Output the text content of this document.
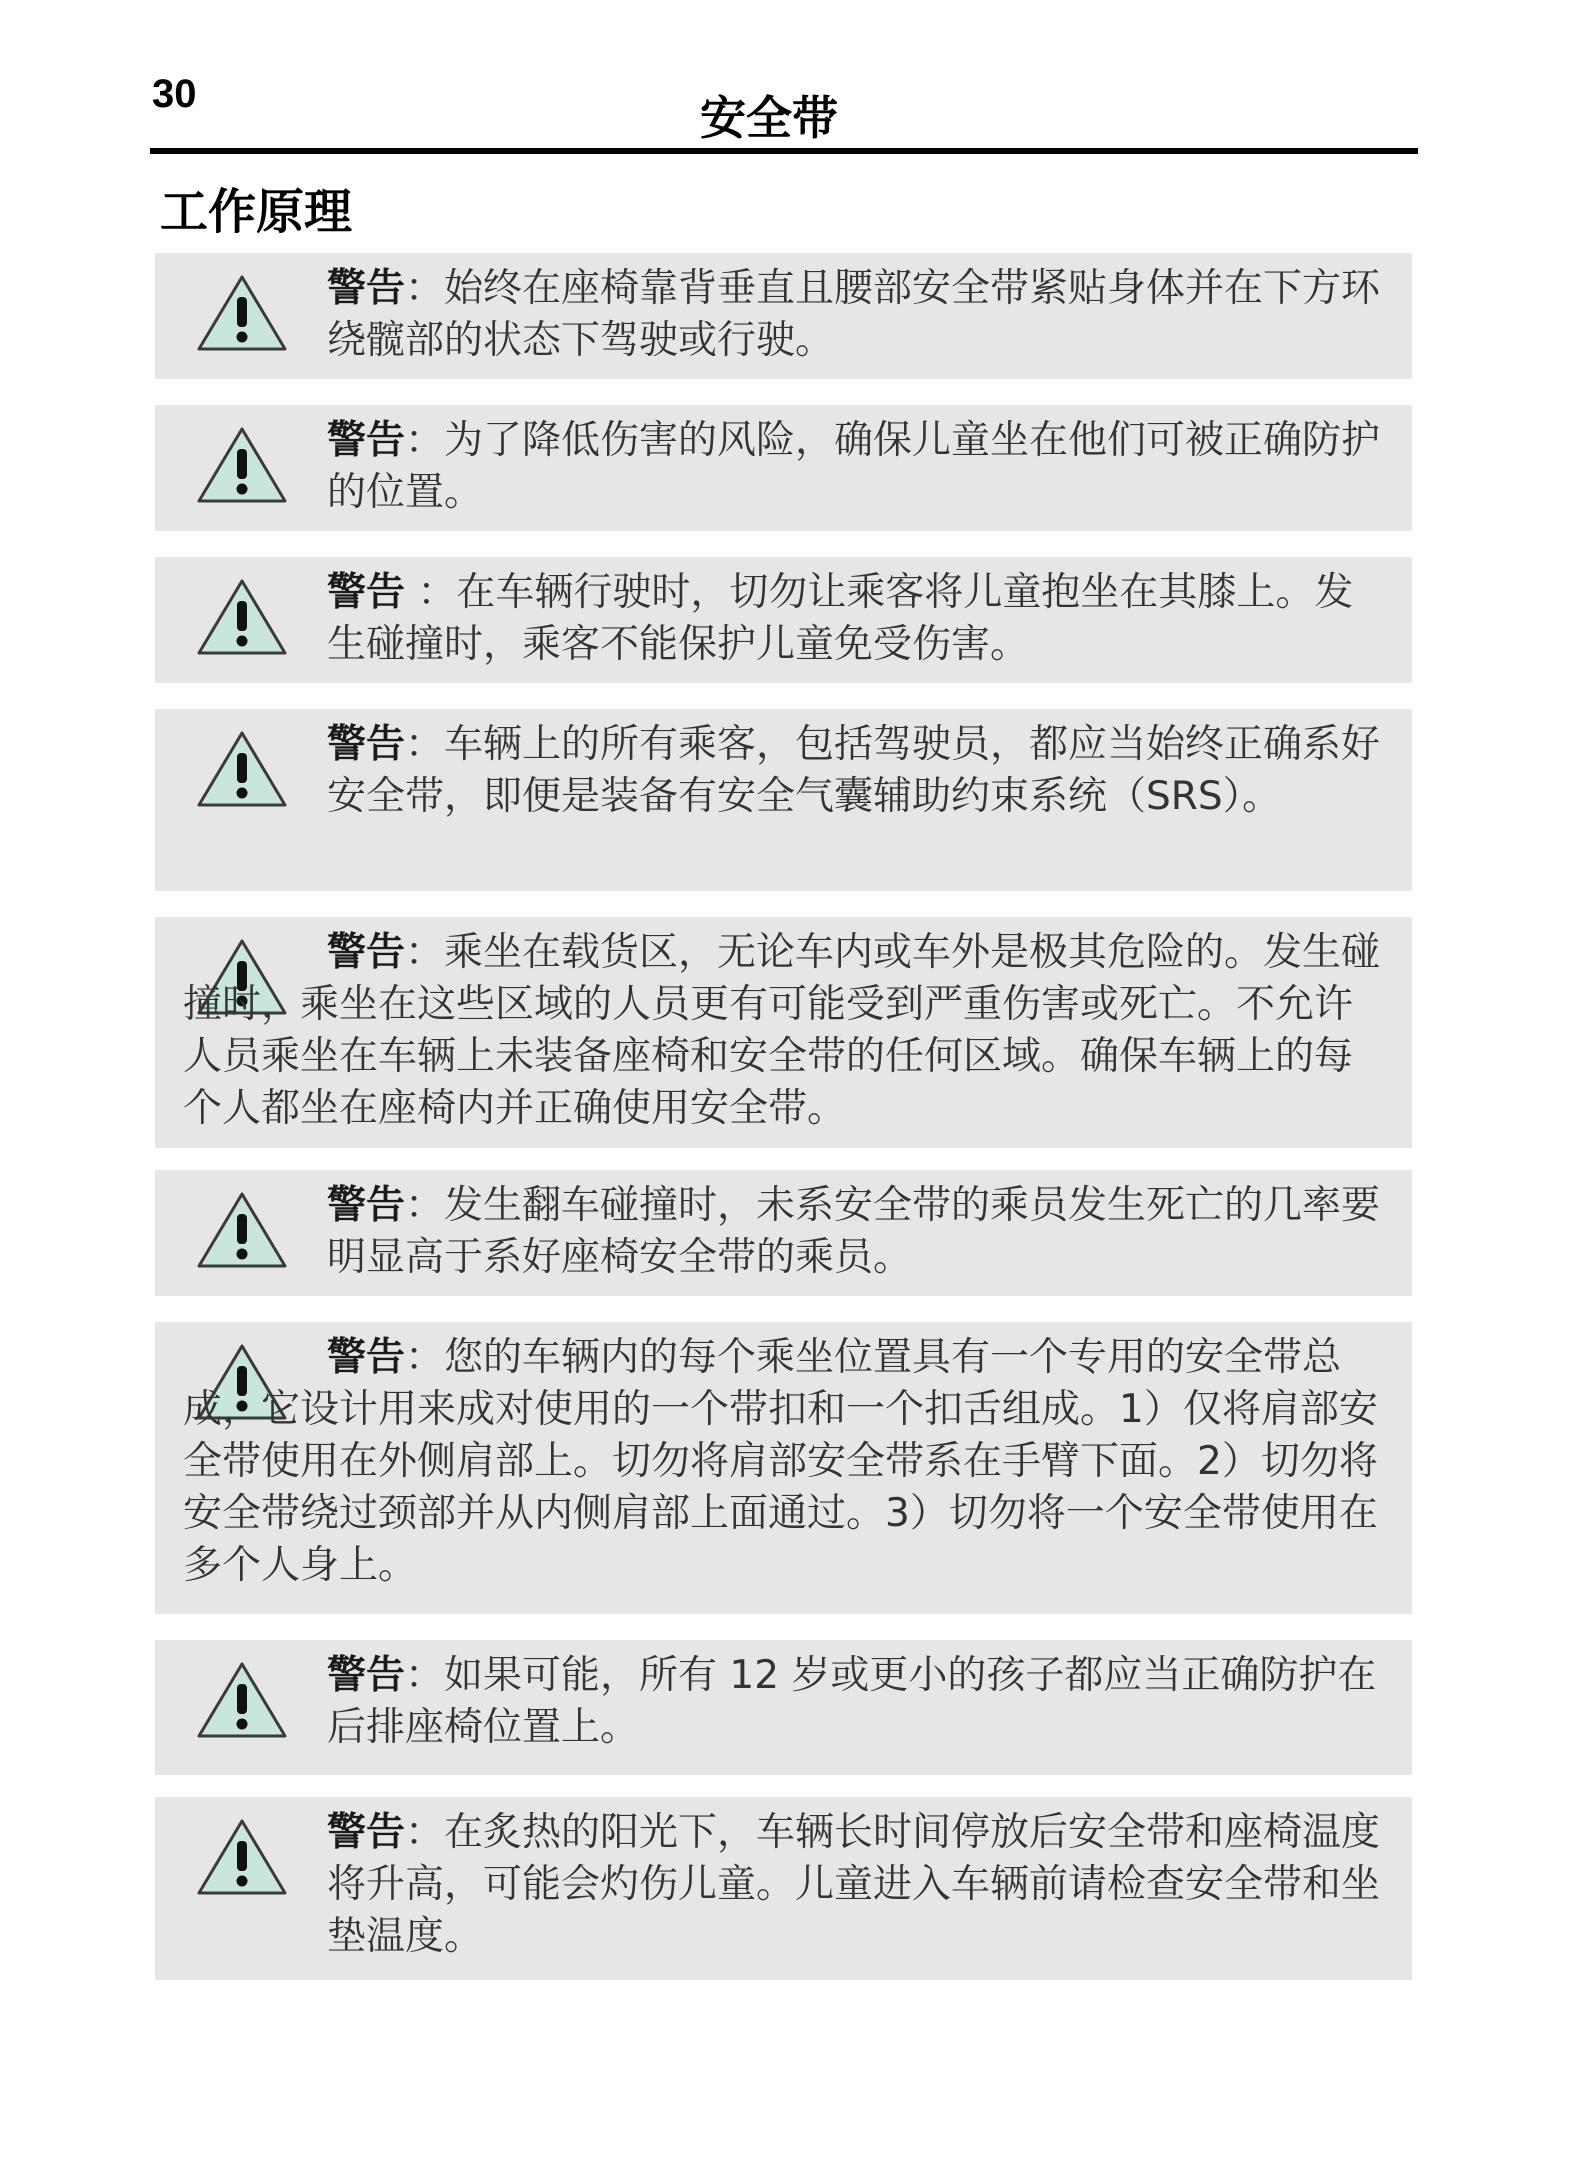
30	安全带
工作原理
警告：始终在座椅靠背垂直且腰部安全带紧贴身体并在下方环绕髋部的状态下驾驶或行驶。
警告：为了降低伤害的风险，确保儿童坐在他们可被正确防护的位置。
警告 ：在车辆行驶时，切勿让乘客将儿童抱坐在其膝上。发生碰撞时，乘客不能保护儿童免受伤害。
警告：车辆上的所有乘客，包括驾驶员，都应当始终正确系好安全带，即便是装备有安全气囊辅助约束系统（SRS）。
警告：乘坐在载货区，无论车内或车外是极其危险的。发生碰撞时，乘坐在这些区域的人员更有可能受到严重伤害或死亡。不允许人员乘坐在车辆上未装备座椅和安全带的任何区域。确保车辆上的每个人都坐在座椅内并正确使用安全带。
警告：发生翻车碰撞时，未系安全带的乘员发生死亡的几率要明显高于系好座椅安全带的乘员。
警告：您的车辆内的每个乘坐位置具有一个专用的安全带总成，它设计用来成对使用的一个带扣和一个扣舌组成。1）仅将肩部安全带使用在外侧肩部上。切勿将肩部安全带系在手臂下面。2）切勿将安全带绕过颈部并从内侧肩部上面通过。3）切勿将一个安全带使用在多个人身上。
警告：如果可能，所有 12 岁或更小的孩子都应当正确防护在后排座椅位置上。
警告：在炙热的阳光下，车辆长时间停放后安全带和座椅温度将升高，可能会灼伤儿童。儿童进入车辆前请检查安全带和坐垫温度。
